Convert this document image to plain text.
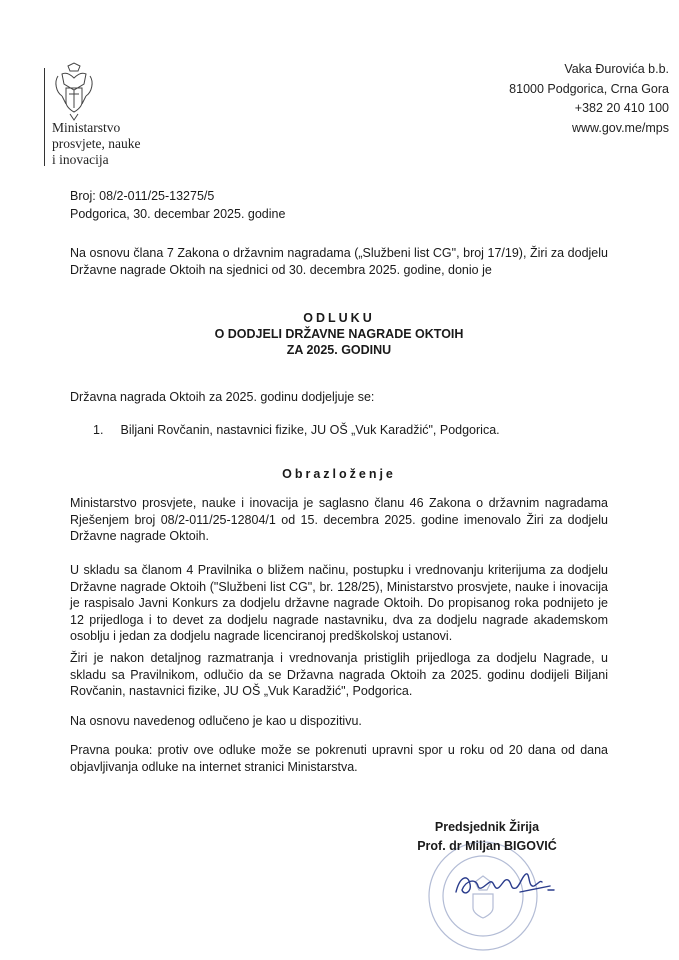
Ministarstvo
prosvjete, nauke
i inovacija
Vaka Đurovića b.b.
81000 Podgorica, Crna Gora
+382 20 410 100
www.gov.me/mps
Broj: 08/2-011/25-13275/5
Podgorica, 30. decembar 2025. godine

Na osnovu člana 7 Zakona o državnim nagradama („Službeni list CG", broj 17/19), Žiri za dodjelu Državne nagrade Oktoih na sjednici od 30. decembra 2025. godine, donio je

ODLUKU
O DODJELI DRŽAVNE NAGRADE OKTOIH
ZA 2025. GODINU

Državna nagrada Oktoih za 2025. godinu dodjeljuje se:

1. Biljani Rovčanin, nastavnici fizike, JU OŠ „Vuk Karadžić", Podgorica.
Obrazloženje

Ministarstvo prosvjete, nauke i inovacija je saglasno članu 46 Zakona o državnim nagradama Rješenjem broj 08/2-011/25-12804/1 od 15. decembra 2025. godine imenovalo Žiri za dodjelu Državne nagrade Oktoih.

U skladu sa članom 4 Pravilnika o bližem načinu, postupku i vrednovanju kriterijuma za dodjelu Državne nagrade Oktoih ("Službeni list CG", br. 128/25), Ministarstvo prosvjete, nauke i inovacija je raspisalo Javni Konkurs za dodjelu državne nagrade Oktoih. Do propisanog roka podnijeto je 12 prijedloga i to devet za dodjelu nagrade nastavniku, dva za dodjelu nagrade akademskom osoblju i jedan za dodjelu nagrade licenciranoj predškolskoj ustanovi.

Žiri je nakon detaljnog razmatranja i vrednovanja pristiglih prijedloga za dodjelu Nagrade, u skladu sa Pravilnikom, odlučio da se Državna nagrada Oktoih za 2025. godinu dodijeli Biljani Rovčanin, nastavnici fizike, JU OŠ „Vuk Karadžić", Podgorica.

Na osnovu navedenog odlučeno je kao u dispozitivu.

Pravna pouka: protiv ove odluke može se pokrenuti upravni spor u roku od 20 dana od dana objavljivanja odluke na internet stranici Ministarstva.

Predsjednik Žirija
Prof. dr Miljan BIGOVIĆ
